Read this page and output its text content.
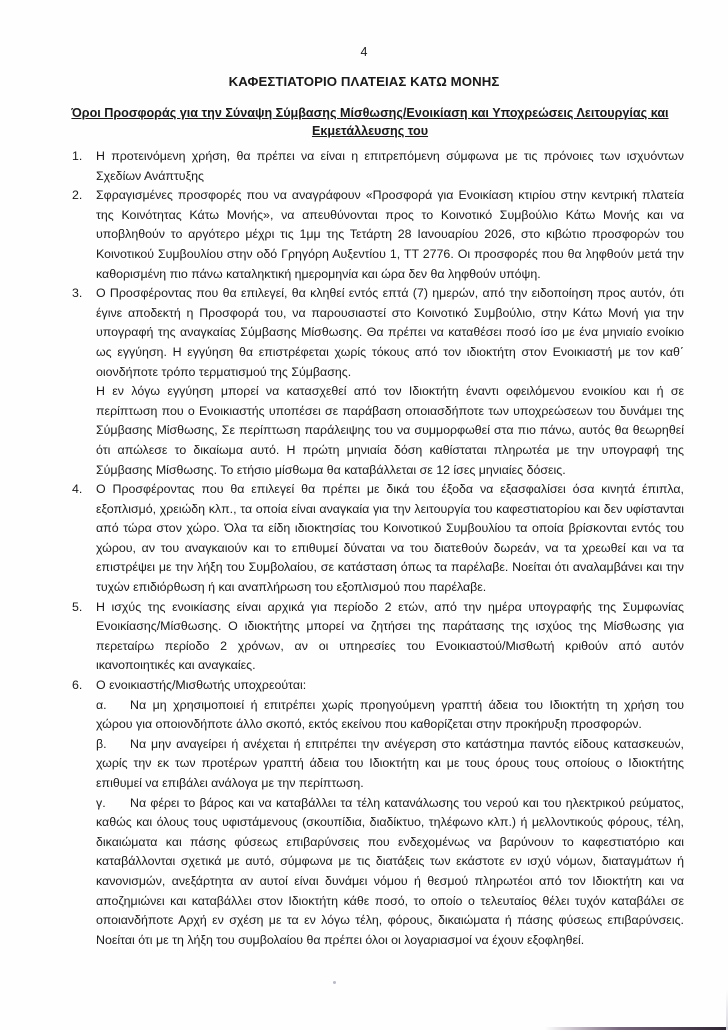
4
ΚΑΦΕΣΤΙΑΤΟΡΙΟ ΠΛΑΤΕΙΑΣ ΚΑΤΩ ΜΟΝΗΣ
Όροι Προσφοράς για την Σύναψη Σύμβασης Μίσθωσης/Ενοικίαση και Υποχρεώσεις Λειτουργίας και Εκμετάλλευσης του
1. Η προτεινόμενη χρήση, θα πρέπει να είναι η επιτρεπόμενη σύμφωνα με τις πρόνοιες των ισχυόντων Σχεδίων Ανάπτυξης

2. Σφραγισμένες προσφορές που να αναγράφουν «Προσφορά για Ενοικίαση κτιρίου στην κεντρική πλατεία της Κοινότητας Κάτω Μονής», να απευθύνονται προς το Κοινοτικό Συμβούλιο Κάτω Μονής και να υποβληθούν το αργότερο μέχρι τις 1μμ της Τετάρτη 28 Ιανουαρίου 2026, στο κιβώτιο προσφορών του Κοινοτικού Συμβουλίου στην οδό Γρηγόρη Αυξεντίου 1, ΤΤ 2776. Οι προσφορές που θα ληφθούν μετά την καθορισμένη πιο πάνω καταληκτική ημερομηνία και ώρα δεν θα ληφθούν υπόψη.

3. Ο Προσφέροντας που θα επιλεγεί, θα κληθεί εντός επτά (7) ημερών, από την ειδοποίηση προς αυτόν, ότι έγινε αποδεκτή η Προσφορά του, να παρουσιαστεί στο Κοινοτικό Συμβούλιο, στην Κάτω Μονή για την υπογραφή της αναγκαίας Σύμβασης Μίσθωσης. Θα πρέπει να καταθέσει ποσό ίσο με ένα μηνιαίο ενοίκιο ως εγγύηση. Η εγγύηση θα επιστρέφεται χωρίς τόκους από τον ιδιοκτήτη στον Ενοικιαστή με τον καθ΄ οιονδήποτε τρόπο τερματισμού της Σύμβασης.

Η εν λόγω εγγύηση μπορεί να κατασχεθεί από τον Ιδιοκτήτη έναντι οφειλόμενου ενοικίου και ή σε περίπτωση που ο Ενοικιαστής υποπέσει σε παράβαση οποιασδήποτε των υποχρεώσεων του δυνάμει της Σύμβασης Μίσθωσης, Σε περίπτωση παράλειψης του να συμμορφωθεί στα πιο πάνω, αυτός θα θεωρηθεί ότι απώλεσε το δικαίωμα αυτό. Η πρώτη μηνιαία δόση καθίσταται πληρωτέα με την υπογραφή της Σύμβασης Μίσθωσης. Το ετήσιο μίσθωμα θα καταβάλλεται σε 12 ίσες μηνιαίες δόσεις.

4. Ο Προσφέροντας που θα επιλεγεί θα πρέπει με δικά του έξοδα να εξασφαλίσει όσα κινητά έπιπλα, εξοπλισμό, χρειώδη κλπ., τα οποία είναι αναγκαία για την λειτουργία του καφεστιατορίου και δεν υφίστανται από τώρα στον χώρο. Όλα τα είδη ιδιοκτησίας του Κοινοτικού Συμβουλίου τα οποία βρίσκονται εντός του χώρου, αν του αναγκαιούν και το επιθυμεί δύναται να του διατεθούν δωρεάν, να τα χρεωθεί και να τα επιστρέψει με την λήξη του Συμβολαίου, σε κατάσταση όπως τα παρέλαβε. Νοείται ότι αναλαμβάνει και την τυχών επιδιόρθωση ή και αναπλήρωση του εξοπλισμού που παρέλαβε.

5. Η ισχύς της ενοικίασης είναι αρχικά για περίοδο 2 ετών, από την ημέρα υπογραφής της Συμφωνίας Ενοικίασης/Μίσθωσης. Ο ιδιοκτήτης μπορεί να ζητήσει της παράτασης της ισχύος της Μίσθωσης για περεταίρω περίοδο 2 χρόνων, αν οι υπηρεσίες του Ενοικιαστού/Μισθωτή κριθούν από αυτόν ικανοποιητικές και αναγκαίες.

6. Ο ενοικιαστής/Μισθωτής υποχρεούται:

α. Να μη χρησιμοποιεί ή επιτρέπει χωρίς προηγούμενη γραπτή άδεια του Ιδιοκτήτη τη χρήση του χώρου για οποιονδήποτε άλλο σκοπό, εκτός εκείνου που καθορίζεται στην προκήρυξη προσφορών.

β. Να μην αναγείρει ή ανέχεται ή επιτρέπει την ανέγερση στο κατάστημα παντός είδους κατασκευών, χωρίς την εκ των προτέρων γραπτή άδεια του Ιδιοκτήτη και με τους όρους τους οποίους ο Ιδιοκτήτης επιθυμεί να επιβάλει ανάλογα με την περίπτωση.

γ. Να φέρει το βάρος και να καταβάλλει τα τέλη κατανάλωσης του νερού και του ηλεκτρικού ρεύματος, καθώς και όλους τους υφιστάμενους (σκουπίδια, διαδίκτυο, τηλέφωνο κλπ.) ή μελλοντικούς φόρους, τέλη, δικαιώματα και πάσης φύσεως επιβαρύνσεις που ενδεχομένως να βαρύνουν το καφεστιατόριο και καταβάλλονται σχετικά με αυτό, σύμφωνα με τις διατάξεις των εκάστοτε εν ισχύ νόμων, διαταγμάτων ή κανονισμών, ανεξάρτητα αν αυτοί είναι δυνάμει νόμου ή θεσμού πληρωτέοι από τον Ιδιοκτήτη και να αποζημιώνει και καταβάλλει στον Ιδιοκτήτη κάθε ποσό, το οποίο ο τελευταίος θέλει τυχόν καταβάλει σε οποιανδήποτε Αρχή εν σχέση με τα εν λόγω τέλη, φόρους, δικαιώματα ή πάσης φύσεως επιβαρύνσεις. Νοείται ότι με τη λήξη του συμβολαίου θα πρέπει όλοι οι λογαριασμοί να έχουν εξοφληθεί.
